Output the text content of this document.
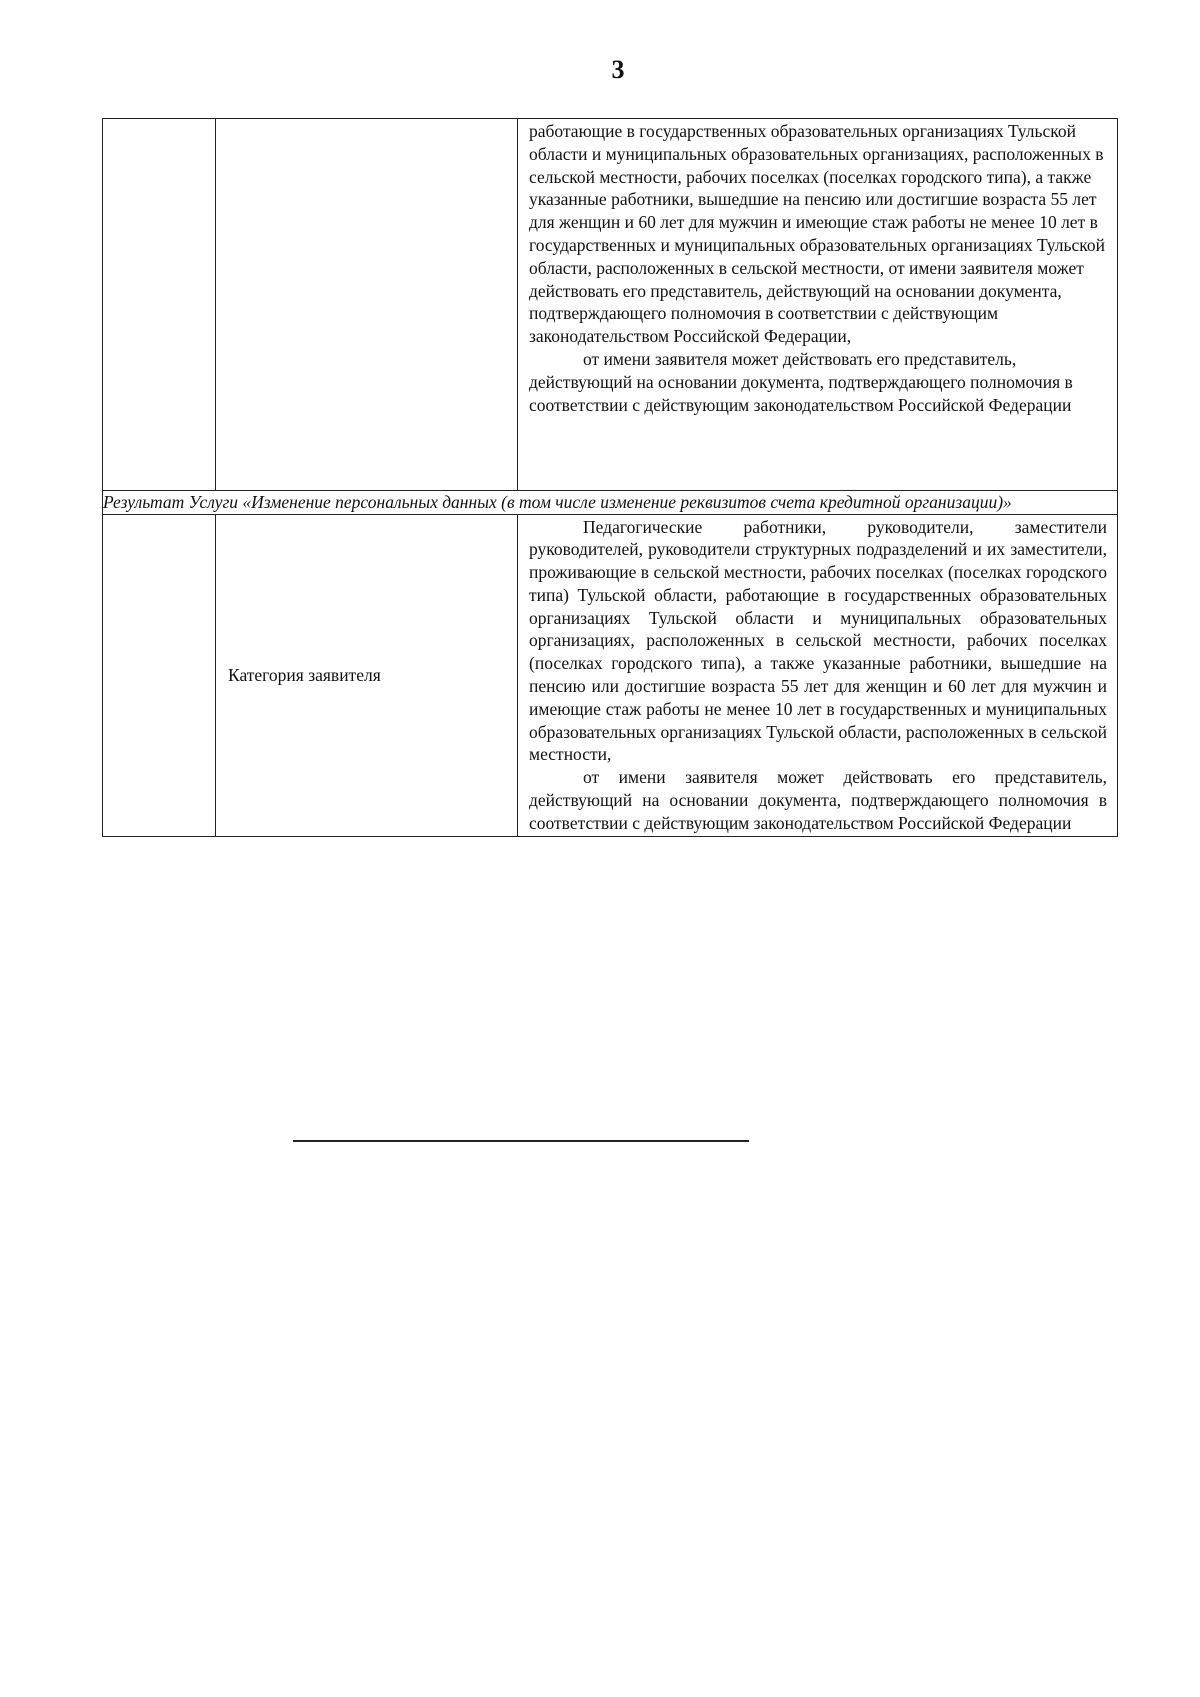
3

		работающие в государственных образовательных организациях Тульской области и муниципальных образовательных организациях, расположенных в сельской местности, рабочих поселках (поселках городского типа), а также указанные работники, вышедшие на пенсию или достигшие возраста 55 лет для женщин и 60 лет для мужчин и имеющие стаж работы не менее 10 лет в государственных и муниципальных образовательных организациях Тульской области, расположенных в сельской местности, от имени заявителя может действовать его представитель, действующий на основании документа, подтверждающего полномочия в соответствии с действующим законодательством Российской Федерации,

от имени заявителя может действовать его представитель, действующий на основании документа, подтверждающего полномочия в соответствии с действующим законодательством Российской Федерации

Результат Услуги «Изменение персональных данных (в том числе изменение реквизитов счета кредитной организации)»		
	Категория заявителя	Педагогические работники, руководители, заместители руководителей, руководители структурных подразделений и их заместители, проживающие в сельской местности, рабочих поселках (поселках городского типа) Тульской области, работающие в государственных образовательных организациях Тульской области и муниципальных образовательных организациях, расположенных в сельской местности, рабочих поселках (поселках городского типа), а также указанные работники, вышедшие на пенсию или достигшие возраста 55 лет для женщин и 60 лет для мужчин и имеющие стаж работы не менее 10 лет в государственных и муниципальных образовательных организациях Тульской области, расположенных в сельской местности,

от имени заявителя может действовать его представитель, действующий на основании документа, подтверждающего полномочия в соответствии с действующим законодательством Российской Федерации
